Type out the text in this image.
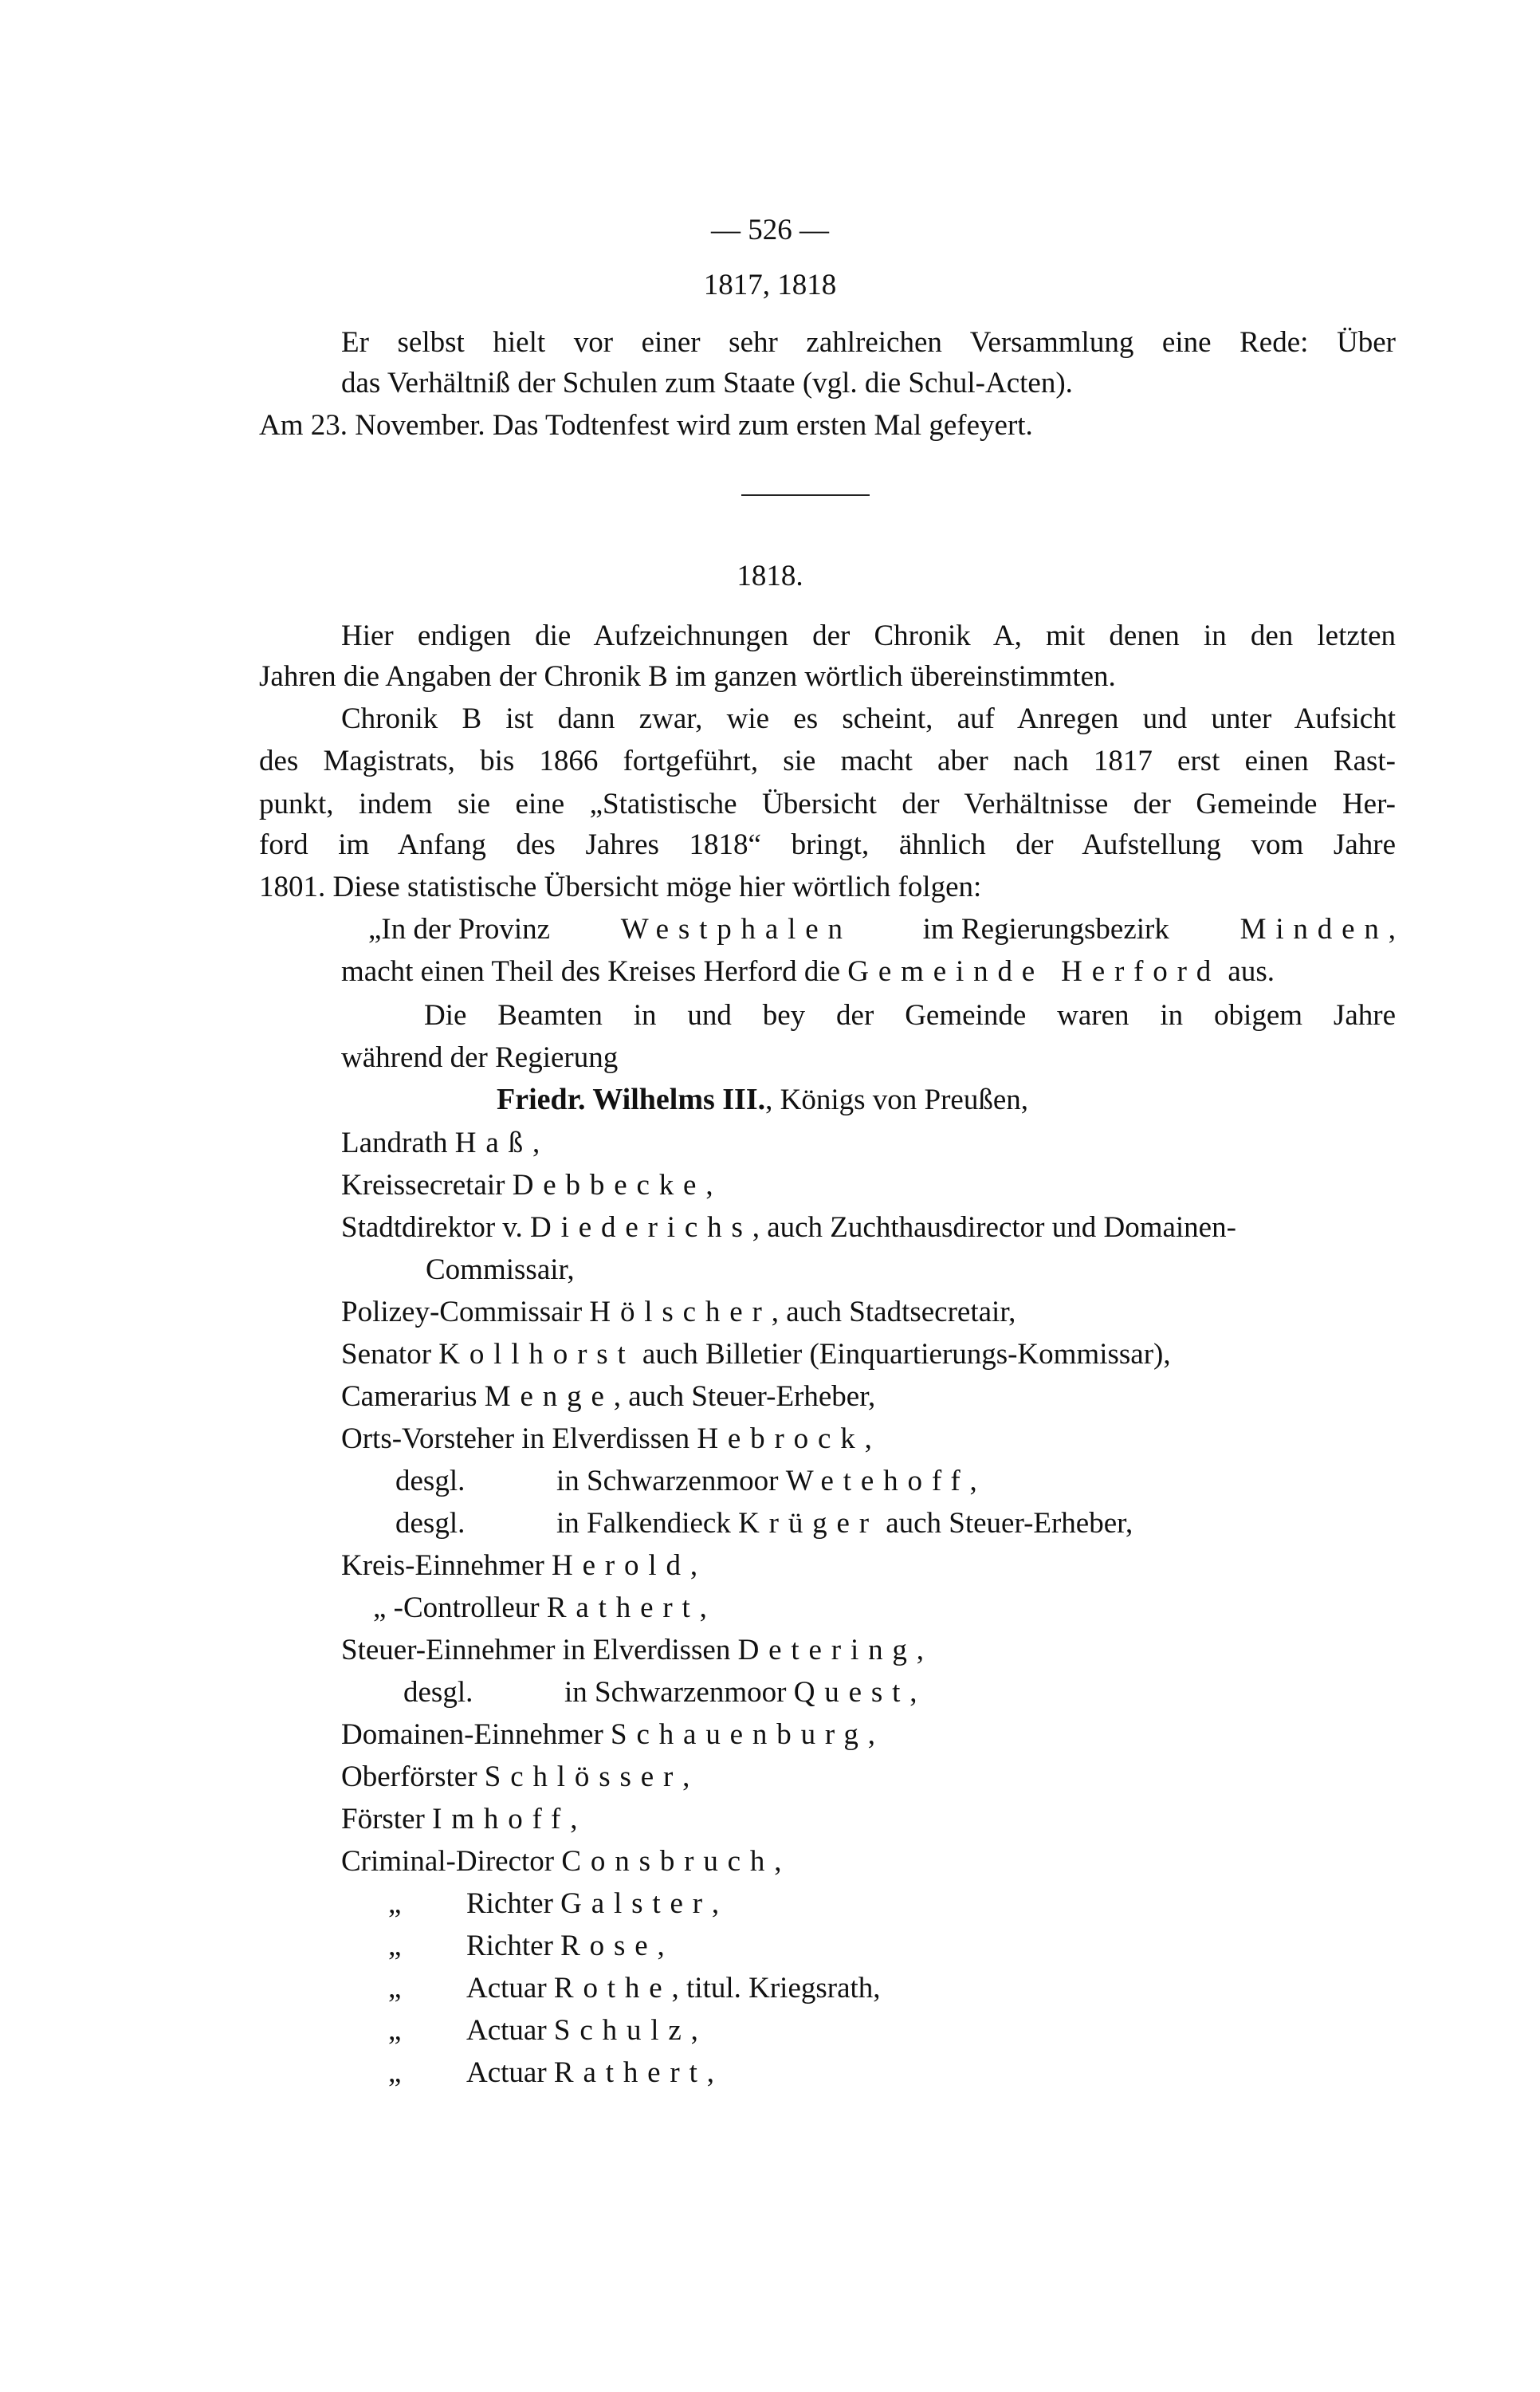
— 526 —
1817, 1818
Er selbst hielt vor einer sehr zahlreichen Versammlung eine Rede: Über
das Verhältniß der Schulen zum Staate (vgl. die Schul-Acten).
Am 23. November. Das Todtenfest wird zum ersten Mal gefeyert.
1818.
Hier endigen die Aufzeichnungen der Chronik A, mit denen in den letzten
Jahren die Angaben der Chronik B im ganzen wörtlich übereinstimmten.
Chronik B ist dann zwar, wie es scheint, auf Anregen und unter Aufsicht
des Magistrats, bis 1866 fortgeführt, sie macht aber nach 1817 erst einen Rast-
punkt, indem sie eine „Statistische Übersicht der Verhältnisse der Gemeinde Her-
ford im Anfang des Jahres 1818“ bringt, ähnlich der Aufstellung vom Jahre
1801. Diese statistische Übersicht möge hier wörtlich folgen:
„In der Provinz Westphalen im Regierungsbezirk Minden,
macht einen Theil des Kreises Herford die Gemeinde Herford aus.
Die Beamten in und bey der Gemeinde waren in obigem Jahre
während der Regierung
Friedr. Wilhelms III., Königs von Preußen,
Landrath Haß,
Kreissecretair Debbecke,
Stadtdirektor v. Diederichs, auch Zuchthausdirector und Domainen-
Commissair,
Polizey-Commissair Hölscher, auch Stadtsecretair,
Senator Kollhorst auch Billetier (Einquartierungs-Kommissar),
Camerarius Menge, auch Steuer-Erheber,
Orts-Vorsteher in Elverdissen Hebrock,
desgl.	in Schwarzenmoor Wetehoff,
desgl.	in Falkendieck Krüger auch Steuer-Erheber,
Kreis-Einnehmer Herold,
„ -Controlleur Rathert,
Steuer-Einnehmer in Elverdissen Detering,
desgl.	in Schwarzenmoor Quest,
Domainen-Einnehmer Schauenburg,
Oberförster Schlösser,
Förster Imhoff,
Criminal-Director Consbruch,
„ Richter Galster,
„ Richter Rose,
„ Actuar Rothe, titul. Kriegsrath,
„ Actuar Schulz,
„ Actuar Rathert,
